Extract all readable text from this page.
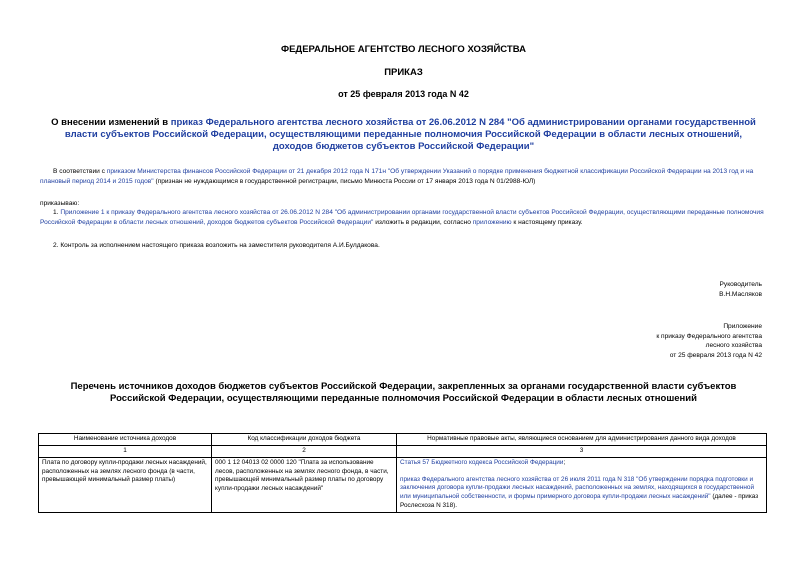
ФЕДЕРАЛЬНОЕ АГЕНТСТВО ЛЕСНОГО ХОЗЯЙСТВА
ПРИКАЗ
от 25 февраля 2013 года N 42
О внесении изменений в приказ Федерального агентства лесного хозяйства от 26.06.2012 N 284 "Об администрировании органами государственной власти субъектов Российской Федерации, осуществляющими переданные полномочия Российской Федерации в области лесных отношений, доходов бюджетов субъектов Российской Федерации"
В соответствии с приказом Министерства финансов Российской Федерации от 21 декабря 2012 года N 171н "Об утверждении Указаний о порядке применения бюджетной классификации Российской Федерации на 2013 год и на плановый период 2014 и 2015 годов" (признан не нуждающимся в государственной регистрации, письмо Минюста России от 17 января 2013 года N 01/2988-ЮЛ)
приказываю:
1. Приложение 1 к приказу Федерального агентства лесного хозяйства от 26.06.2012 N 284 "Об администрировании органами государственной власти субъектов Российской Федерации, осуществляющими переданные полномочия Российской Федерации в области лесных отношений, доходов бюджетов субъектов Российской Федерации" изложить в редакции, согласно приложению к настоящему приказу.
2. Контроль за исполнением настоящего приказа возложить на заместителя руководителя А.И.Булдакова.
Руководитель
В.Н.Масляков
Приложение
к приказу Федерального агентства
лесного хозяйства
от 25 февраля 2013 года N 42
Перечень источников доходов бюджетов субъектов Российской Федерации, закрепленных за органами государственной власти субъектов Российской Федерации, осуществляющими переданные полномочия Российской Федерации в области лесных отношений
Наименование источника доходов	Код классификации доходов бюджета	Нормативные правовые акты, являющиеся основанием для администрирования данного вида доходов
1	2	3
Плата по договору купли-продажи лесных насаждений, расположенных на землях лесного фонда (в части, превышающей минимальный размер платы)	000 1 12 04013 02 0000 120 "Плата за использование лесов, расположенных на землях лесного фонда, в части, превышающей минимальный размер платы по договору купли-продажи лесных насаждений"	Статья 57 Бюджетного кодекса Российской Федерации;
приказ Федерального агентства лесного хозяйства от 26 июля 2011 года N 318 "Об утверждении порядка подготовки и заключения договора купли-продажи лесных насаждений, расположенных на землях, находящихся в государственной или муниципальной собственности, и формы примерного договора купли-продажи лесных насаждений" (далее - приказ Рослесхоза N 318).
